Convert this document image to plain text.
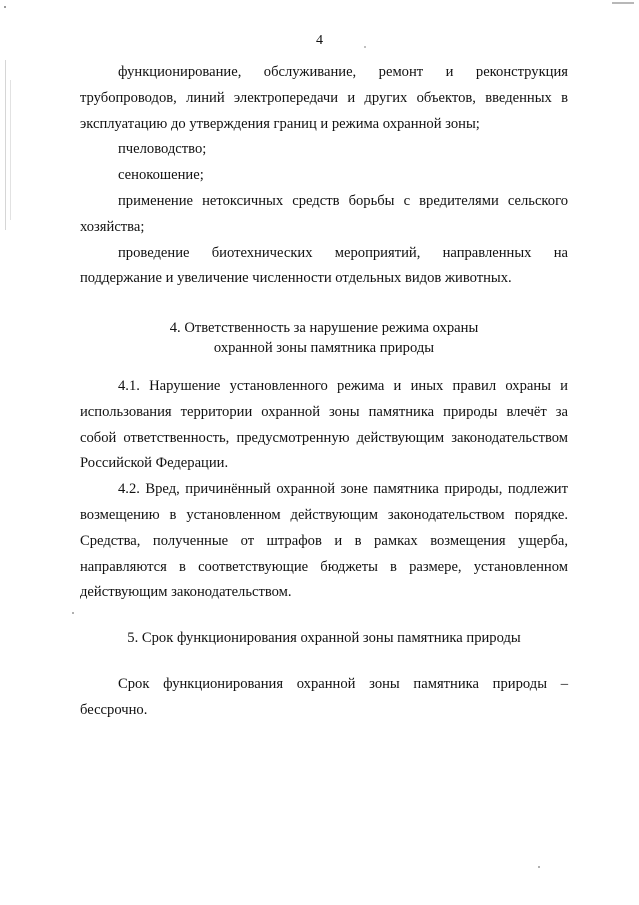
4

функционирование, обслуживание, ремонт и реконструкция трубопроводов, линий электропередачи и других объектов, введенных в эксплуатацию до утверждения границ и режима охранной зоны;

пчеловодство;

сенокошение;

применение нетоксичных средств борьбы с вредителями сельского хозяйства;

проведение биотехнических мероприятий, направленных на поддержание и увеличение численности отдельных видов животных.

4. Ответственность за нарушение режима охраны
охранной зоны памятника природы

4.1. Нарушение установленного режима и иных правил охраны и использования территории охранной зоны памятника природы влечёт за собой ответственность, предусмотренную действующим законодательством Российской Федерации.

4.2. Вред, причинённый охранной зоне памятника природы, подлежит возмещению в установленном действующим законодательством порядке. Средства, полученные от штрафов и в рамках возмещения ущерба, направляются в соответствующие бюджеты в размере, установленном действующим законодательством.

5. Срок функционирования охранной зоны памятника природы

Срок функционирования охранной зоны памятника природы – бессрочно.
